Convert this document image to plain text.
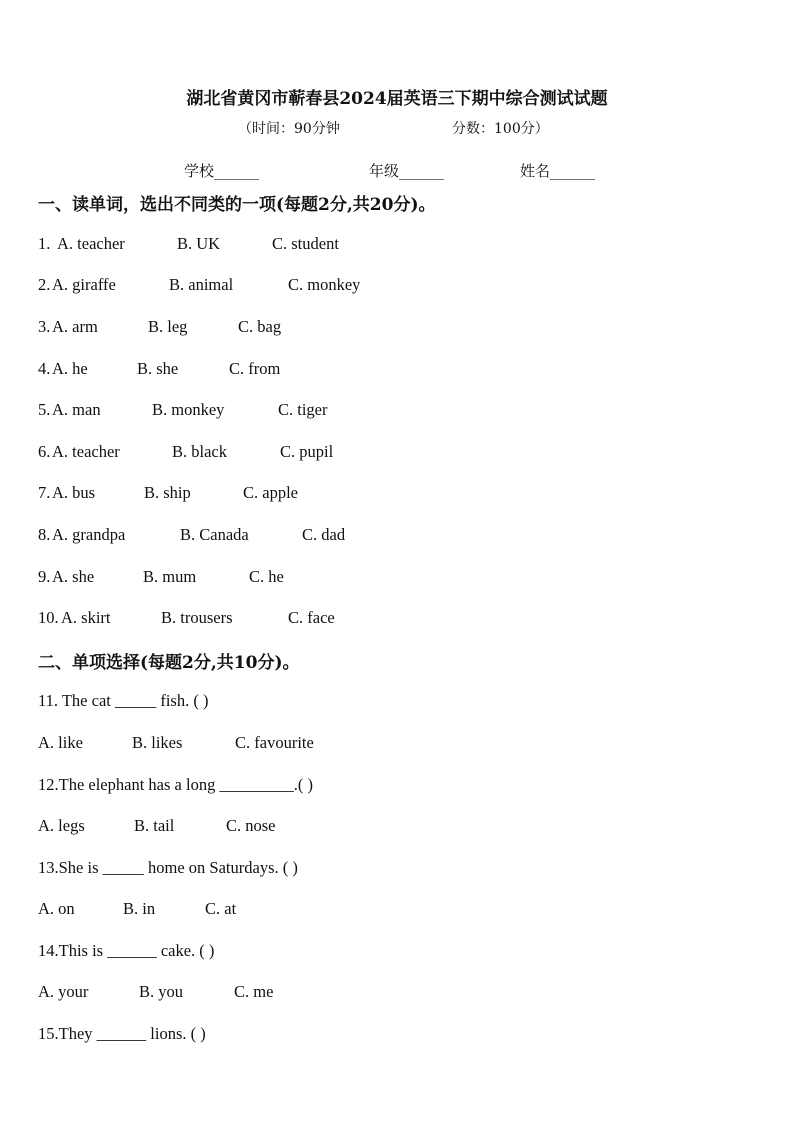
湖北省黄冈市蕲春县2024届英语三下期中综合测试试题
（时间：90分钟	分数：100分）
学校______	年级______	姓名______
一、读单词，选出不同类的一项(每题2分,共20分)。
1. A. teacher	B. UK	C. student
2. A. giraffe	B. animal	C. monkey
3. A. arm	B. leg	C. bag
4. A. he	B. she	C. from
5. A. man	B. monkey	C. tiger
6. A. teacher	B. black	C. pupil
7. A. bus	B. ship	C. apple
8. A. grandpa	B. Canada	C. dad
9. A. she	B. mum	C. he
10. A. skirt	B. trousers	C. face
二、单项选择(每题2分,共10分)。
11. The cat _____ fish. ( )
A. like	B. likes	C. favourite
12.The elephant has a long _________.( )
A. legs	B. tail	C. nose
13.She is _____ home on Saturdays. ( )
A. on	B. in	C. at
14.This is ______ cake. ( )
A. your	B. you	C. me
15.They ______ lions. ( )
